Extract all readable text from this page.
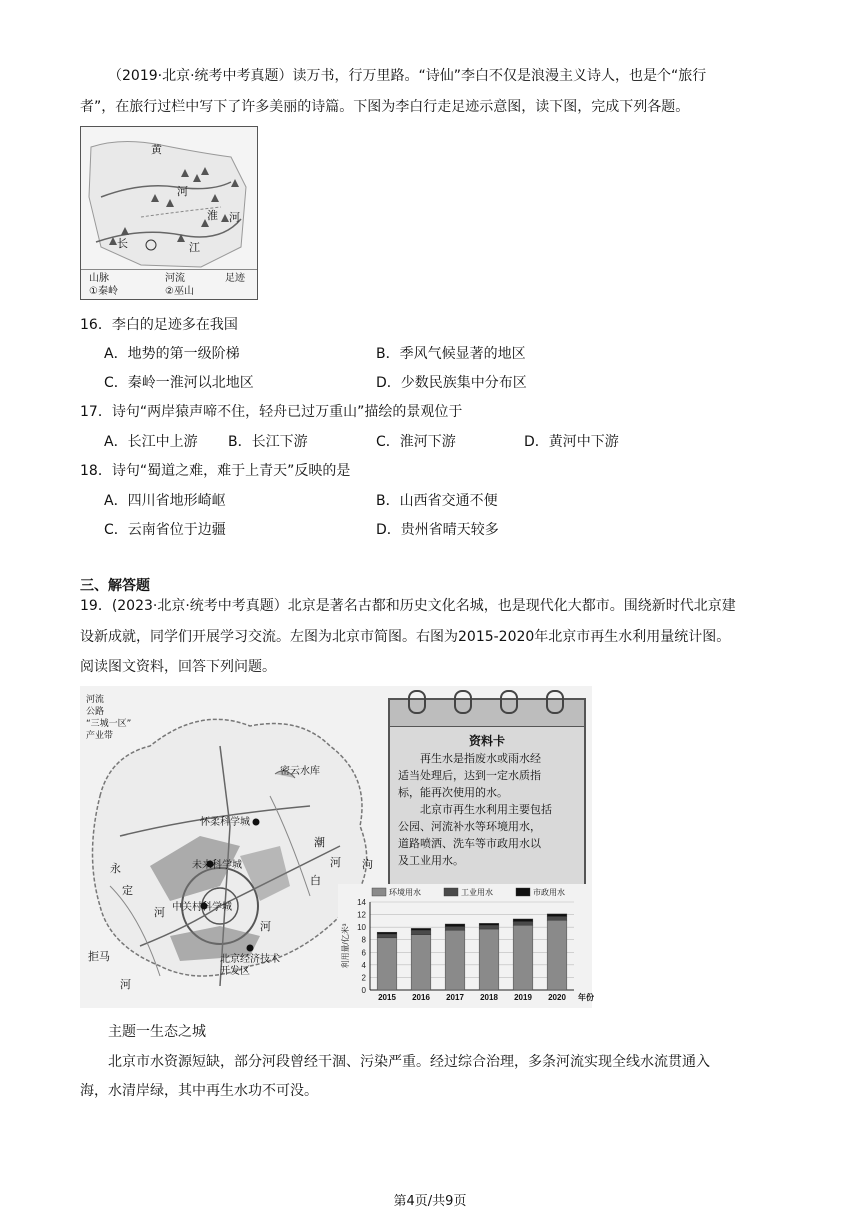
（2019·北京·统考中考真题）读万书，行万里路。“诗仙”李白不仅是浪漫主义诗人，也是个“旅行
者”，在旅行过栏中写下了许多美丽的诗篇。下图为李白行走足迹示意图，读下图，完成下列各题。
黄
河
淮
长	江
河
山脉	河流	足迹
①秦岭	②巫山
16．李白的足迹多在我国
A．地势的第一级阶梯	B．季风气候显著的地区
C．秦岭一淮河以北地区	D．少数民族集中分布区
17．诗句“两岸猿声啼不住，轻舟已过万重山”描绘的景观位于
A．长江中上游 B．长江下游	C．淮河下游	D．黄河中下游
18．诗句“蜀道之难，难于上青天”反映的是
A．四川省地形崎岖	B．山西省交通不便
C．云南省位于边疆	D．贵州省晴天较多
三、解答题
19．(2023·北京·统考中考真题）北京是著名古都和历史文化名城，也是现代化大都市。围绕新时代北京建
设新成就，同学们开展学习交流。左图为北京市简图。右图为2015-2020年北京市再生水利用量统计图。
阅读图文资料，回答下列问题。
河流
公路
“三城一区”
产业带
怀柔科学城
密云水库
未来科学城
中关村科学城
北京经济技术开发区
潮
白
河
河
泃
拒马
河
永
定
河
资料卡
再生水是指废水或雨水经
适当处理后，达到一定水质指
标，能再次使用的水。
北京市再生水利用主要包括
公园、河流补水等环境用水，
道路喷洒、洗车等市政用水以
及工业用水。
0
2
4
6
8
10
12
14
利用量/亿米³
2015 2016 2017 2018 2019 2020 年份
环境用水	工业用水	市政用水
主题一生态之城
北京市水资源短缺，部分河段曾经干涸、污染严重。经过综合治理，多条河流实现全线水流贯通入
海，水清岸绿，其中再生水功不可没。
第4页/共9页
